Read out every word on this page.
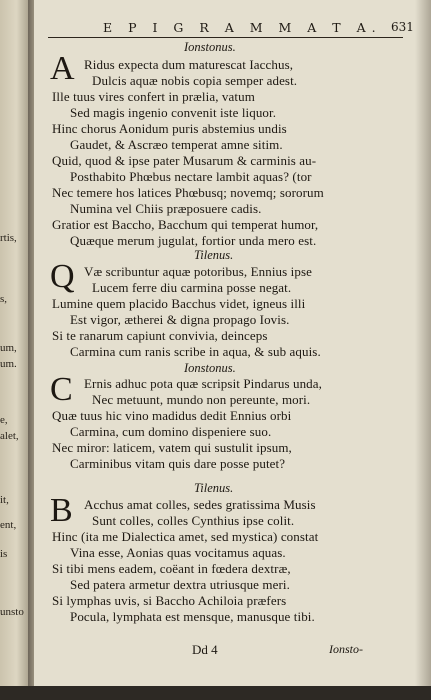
rtis,
s,
um,
um.
e,
alet,
it,
ent,
is
unsto
E P I G R A M M A T A. 631
Ionstonus.
A Ridus expecta dum maturescat Iacchus,
Dulcis aquæ nobis copia semper adest.
Ille tuus vires confert in prælia, vatum
Sed magis ingenio convenit iste liquor.
Hinc chorus Aonidum puris abstemius undis
Gaudet, & Ascræo temperat amne sitim.
Quid, quod & ipse pater Musarum & carminis au-
Posthabito Phœbus nectare lambit aquas? (tor
Nec temere hos latices Phœbusq; novemq; sororum
Numina vel Chiis præposuere cadis.
Gratior est Baccho, Bacchum qui temperat humor,
Quæque merum jugulat, fortior unda mero est.
Tilenus.
Q Væ scribuntur aquæ potoribus, Ennius ipse
Lucem ferre diu carmina posse negat.
Lumine quem placido Bacchus videt, igneus illi
Est vigor, ætherei & digna propago Iovis.
Si te ranarum capiunt convivia, deinceps
Carmina cum ranis scribe in aqua, & sub aquis.
Ionstonus.
C Ernis adhuc pota quæ scripsit Pindarus unda,
Nec metuunt, mundo non pereunte, mori.
Quæ tuus hic vino madidus dedit Ennius orbi
Carmina, cum domino dispeniere suo.
Nec miror: laticem, vatem qui sustulit ipsum,
Carminibus vitam quis dare posse putet?
Tilenus.
B Acchus amat colles, sedes gratissima Musis
Sunt colles, colles Cynthius ipse colit.
Hinc (ita me Dialectica amet, sed mystica) constat
Vina esse, Aonias quas vocitamus aquas.
Si tibi mens eadem, coëant in fœdera dextræ,
Sed patera armetur dextra utriusque meri.
Si lymphas uvis, si Baccho Achiloia præfers
Pocula, lymphata est mensque, manusque tibi.
Dd 4	Ionsto-
